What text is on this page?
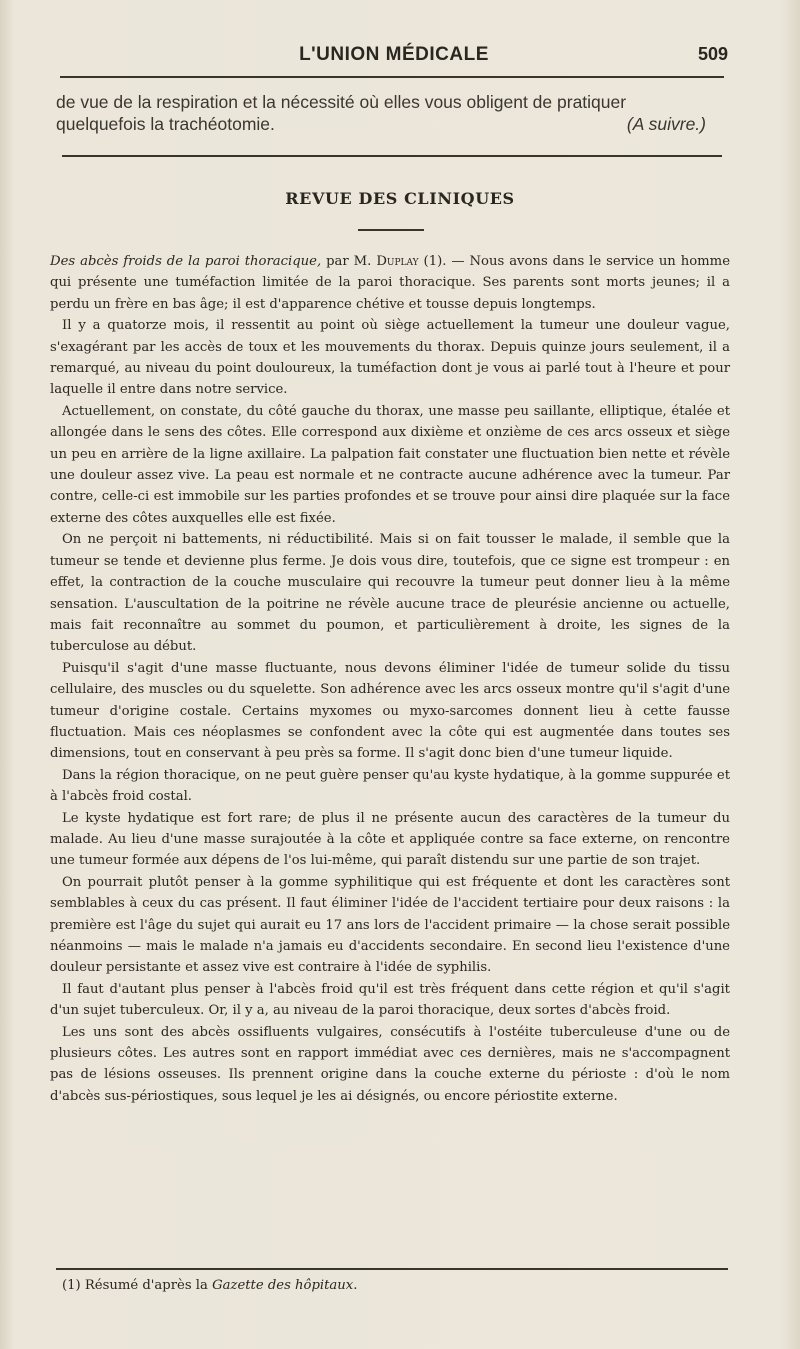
L'UNION MÉDICALE	509
de vue de la respiration et la nécessité où elles vous obligent de pratiquer
quelquefois la trachéotomie.	(A suivre.)
REVUE DES CLINIQUES

Des abcès froids de la paroi thoracique, par M. Duplay (1). — Nous avons dans le service un homme qui présente une tuméfaction limitée de la paroi thoracique. Ses parents sont morts jeunes; il a perdu un frère en bas âge; il est d'apparence chétive et tousse depuis longtemps.

Il y a quatorze mois, il ressentit au point où siège actuellement la tumeur une douleur vague, s'exagérant par les accès de toux et les mouvements du thorax. Depuis quinze jours seulement, il a remarqué, au niveau du point douloureux, la tuméfaction dont je vous ai parlé tout à l'heure et pour laquelle il entre dans notre service.

Actuellement, on constate, du côté gauche du thorax, une masse peu saillante, elliptique, étalée et allongée dans le sens des côtes. Elle correspond aux dixième et onzième de ces arcs osseux et siège un peu en arrière de la ligne axillaire. La palpation fait constater une fluctuation bien nette et révèle une douleur assez vive. La peau est normale et ne contracte aucune adhérence avec la tumeur. Par contre, celle-ci est immobile sur les parties profondes et se trouve pour ainsi dire plaquée sur la face externe des côtes auxquelles elle est fixée.

On ne perçoit ni battements, ni réductibilité. Mais si on fait tousser le malade, il semble que la tumeur se tende et devienne plus ferme. Je dois vous dire, toutefois, que ce signe est trompeur : en effet, la contraction de la couche musculaire qui recouvre la tumeur peut donner lieu à la même sensation. L'auscultation de la poitrine ne révèle aucune trace de pleurésie ancienne ou actuelle, mais fait reconnaître au sommet du poumon, et particulièrement à droite, les signes de la tuberculose au début.

Puisqu'il s'agit d'une masse fluctuante, nous devons éliminer l'idée de tumeur solide du tissu cellulaire, des muscles ou du squelette. Son adhérence avec les arcs osseux montre qu'il s'agit d'une tumeur d'origine costale. Certains myxomes ou myxo-sarcomes donnent lieu à cette fausse fluctuation. Mais ces néoplasmes se confondent avec la côte qui est augmentée dans toutes ses dimensions, tout en conservant à peu près sa forme. Il s'agit donc bien d'une tumeur liquide.

Dans la région thoracique, on ne peut guère penser qu'au kyste hydatique, à la gomme suppurée et à l'abcès froid costal.

Le kyste hydatique est fort rare; de plus il ne présente aucun des caractères de la tumeur du malade. Au lieu d'une masse surajoutée à la côte et appliquée contre sa face externe, on rencontre une tumeur formée aux dépens de l'os lui-même, qui paraît distendu sur une partie de son trajet.

On pourrait plutôt penser à la gomme syphilitique qui est fréquente et dont les caractères sont semblables à ceux du cas présent. Il faut éliminer l'idée de l'accident tertiaire pour deux raisons : la première est l'âge du sujet qui aurait eu 17 ans lors de l'accident primaire — la chose serait possible néanmoins — mais le malade n'a jamais eu d'accidents secondaire. En second lieu l'existence d'une douleur persistante et assez vive est contraire à l'idée de syphilis.

Il faut d'autant plus penser à l'abcès froid qu'il est très fréquent dans cette région et qu'il s'agit d'un sujet tuberculeux. Or, il y a, au niveau de la paroi thoracique, deux sortes d'abcès froid.

Les uns sont des abcès ossifluents vulgaires, consécutifs à l'ostéite tuberculeuse d'une ou de plusieurs côtes. Les autres sont en rapport immédiat avec ces dernières, mais ne s'accompagnent pas de lésions osseuses. Ils prennent origine dans la couche externe du périoste : d'où le nom d'abcès sus-périostiques, sous lequel je les ai désignés, ou encore périostite externe.

(1) Résumé d'après la Gazette des hôpitaux.
